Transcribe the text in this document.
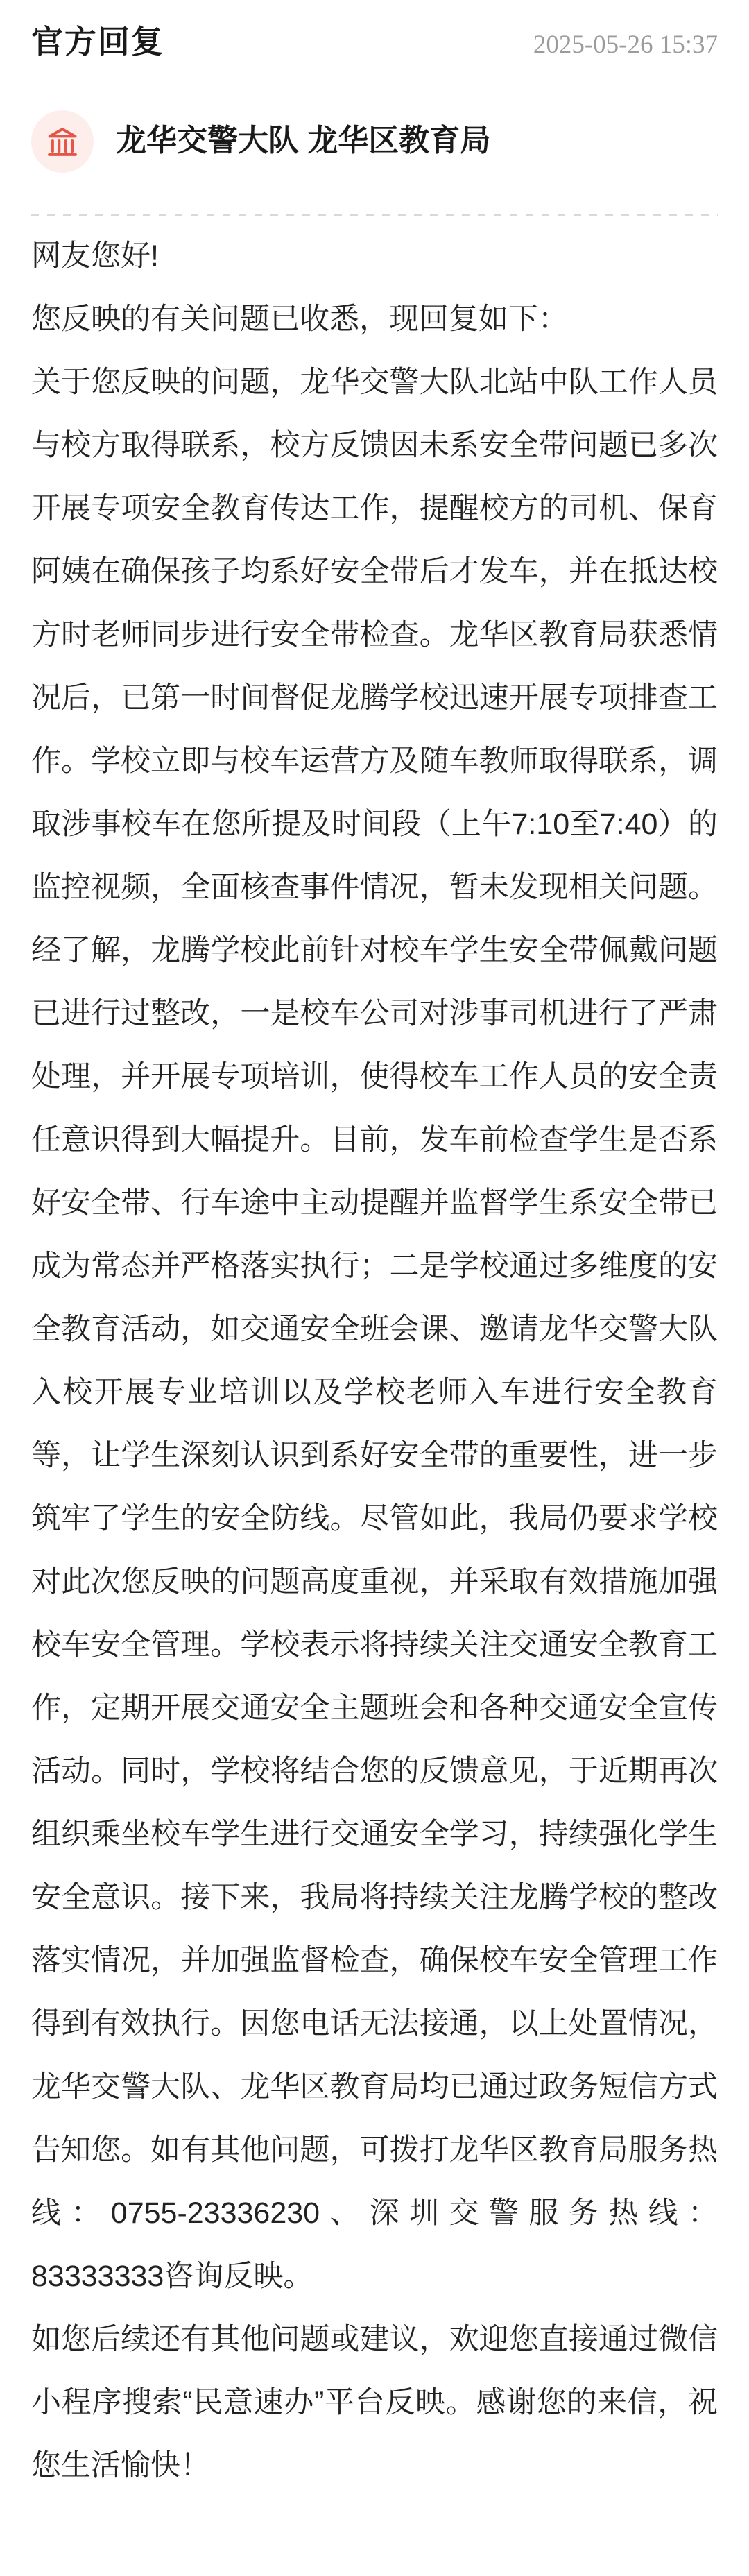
官方回复	2025-05-26 15:37
龙华交警大队 龙华区教育局

网友您好!

您反映的有关问题已收悉，现回复如下：

关于您反映的问题，龙华交警大队北站中队工作人员与校方取得联系，校方反馈因未系安全带问题已多次开展专项安全教育传达工作，提醒校方的司机、保育阿姨在确保孩子均系好安全带后才发车，并在抵达校方时老师同步进行安全带检查。龙华区教育局获悉情况后，已第一时间督促龙腾学校迅速开展专项排查工作。学校立即与校车运营方及随车教师取得联系，调取涉事校车在您所提及时间段（上午7:10至7:40）的监控视频，全面核查事件情况，暂未发现相关问题。经了解，龙腾学校此前针对校车学生安全带佩戴问题已进行过整改，一是校车公司对涉事司机进行了严肃处理，并开展专项培训，使得校车工作人员的安全责任意识得到大幅提升。目前，发车前检查学生是否系好安全带、行车途中主动提醒并监督学生系安全带已成为常态并严格落实执行；二是学校通过多维度的安全教育活动，如交通安全班会课、邀请龙华交警大队入校开展专业培训以及学校老师入车进行安全教育等，让学生深刻认识到系好安全带的重要性，进一步筑牢了学生的安全防线。尽管如此，我局仍要求学校对此次您反映的问题高度重视，并采取有效措施加强校车安全管理。学校表示将持续关注交通安全教育工作，定期开展交通安全主题班会和各种交通安全宣传活动。同时，学校将结合您的反馈意见，于近期再次组织乘坐校车学生进行交通安全学习，持续强化学生安全意识。接下来，我局将持续关注龙腾学校的整改落实情况，并加强监督检查，确保校车安全管理工作得到有效执行。因您电话无法接通，以上处置情况，龙华交警大队、龙华区教育局均已通过政务短信方式告知您。如有其他问题，可拨打龙华区教育局服务热线：0755-23336230、深圳交警服务热线：83333333咨询反映。

如您后续还有其他问题或建议，欢迎您直接通过微信小程序搜索“民意速办”平台反映。感谢您的来信，祝您生活愉快！
